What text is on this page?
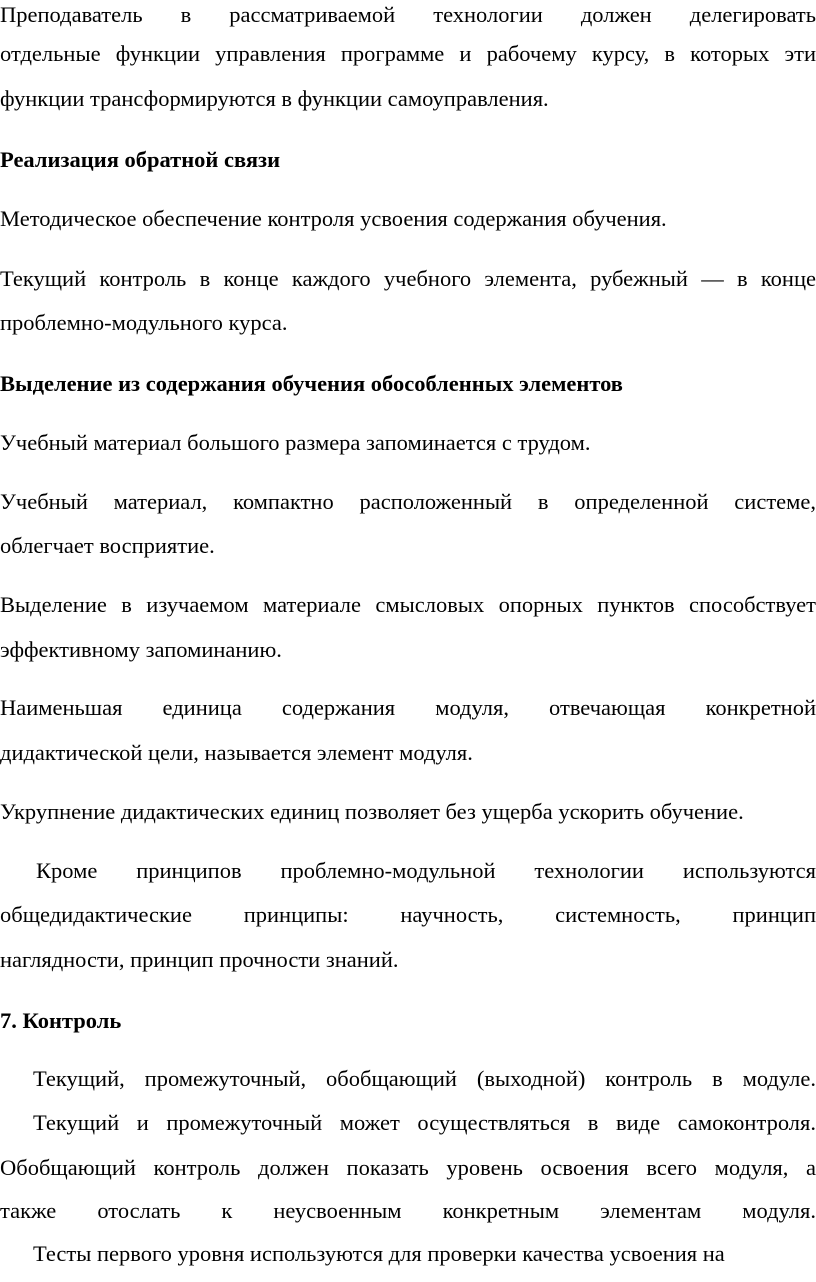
Преподаватель в рассматриваемой технологии должен делегировать
отдельные функции управления программе и рабочему курсу, в которых эти
функции трансформируются в функции самоуправления.
Реализация обратной связи
Методическое обеспечение контроля усвоения содержания обучения.
Текущий контроль в конце каждого учебного элемента, рубежный — в конце
проблемно-модульного курса.
Выделение из содержания обучения обособленных элементов
Учебный материал большого размера запоминается с трудом.
Учебный материал, компактно расположенный в определенной системе,
облегчает восприятие.
Выделение в изучаемом материале смысловых опорных пунктов способствует
эффективному запоминанию.
Наименьшая единица содержания модуля, отвечающая конкретной
дидактической цели, называется элемент модуля.
Укрупнение дидактических единиц позволяет без ущерба ускорить обучение.
Кроме принципов проблемно-модульной технологии используются
общедидактические принципы: научность, системность, принцип
наглядности, принцип прочности знаний.
7. Контроль
Текущий, промежуточный, обобщающий (выходной) контроль в модуле.
Текущий и промежуточный может осуществляться в виде самоконтроля.
Обобщающий контроль должен показать уровень освоения всего модуля, а
также отослать к неусвоенным конкретным элементам модуля.
Тесты первого уровня используются для проверки качества усвоения на
